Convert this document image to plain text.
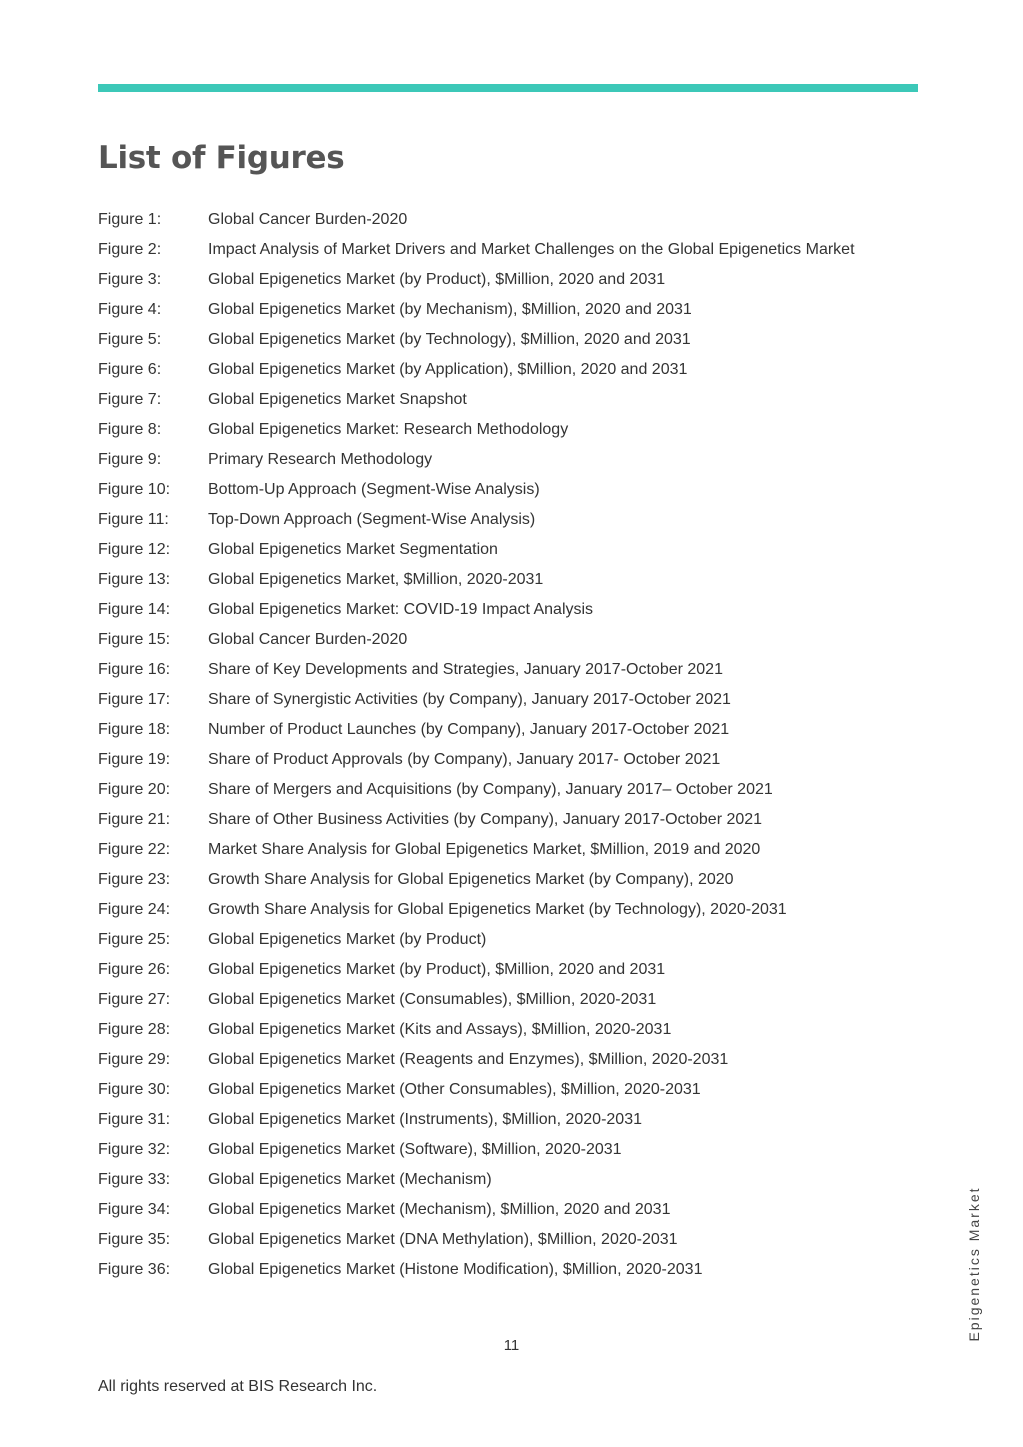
List of Figures
Figure 1:	Global Cancer Burden-2020
Figure 2:	Impact Analysis of Market Drivers and Market Challenges on the Global Epigenetics Market
Figure 3:	Global Epigenetics Market (by Product), $Million, 2020 and 2031
Figure 4:	Global Epigenetics Market (by Mechanism), $Million, 2020 and 2031
Figure 5:	Global Epigenetics Market (by Technology), $Million, 2020 and 2031
Figure 6:	Global Epigenetics Market (by Application), $Million, 2020 and 2031
Figure 7:	Global Epigenetics Market Snapshot
Figure 8:	Global Epigenetics Market: Research Methodology
Figure 9:	Primary Research Methodology
Figure 10:	Bottom-Up Approach (Segment-Wise Analysis)
Figure 11:	Top-Down Approach (Segment-Wise Analysis)
Figure 12:	Global Epigenetics Market Segmentation
Figure 13:	Global Epigenetics Market, $Million, 2020-2031
Figure 14:	Global Epigenetics Market: COVID-19 Impact Analysis
Figure 15:	Global Cancer Burden-2020
Figure 16:	Share of Key Developments and Strategies, January 2017-October 2021
Figure 17:	Share of Synergistic Activities (by Company), January 2017-October 2021
Figure 18:	Number of Product Launches (by Company), January 2017-October 2021
Figure 19:	Share of Product Approvals (by Company), January 2017- October 2021
Figure 20:	Share of Mergers and Acquisitions (by Company), January 2017– October 2021
Figure 21:	Share of Other Business Activities (by Company), January 2017-October 2021
Figure 22:	Market Share Analysis for Global Epigenetics Market, $Million, 2019 and 2020
Figure 23:	Growth Share Analysis for Global Epigenetics Market (by Company), 2020
Figure 24:	Growth Share Analysis for Global Epigenetics Market (by Technology), 2020-2031
Figure 25:	Global Epigenetics Market (by Product)
Figure 26:	Global Epigenetics Market (by Product), $Million, 2020 and 2031
Figure 27:	Global Epigenetics Market (Consumables), $Million, 2020-2031
Figure 28:	Global Epigenetics Market (Kits and Assays), $Million, 2020-2031
Figure 29:	Global Epigenetics Market (Reagents and Enzymes), $Million, 2020-2031
Figure 30:	Global Epigenetics Market (Other Consumables), $Million, 2020-2031
Figure 31:	Global Epigenetics Market (Instruments), $Million, 2020-2031
Figure 32:	Global Epigenetics Market (Software), $Million, 2020-2031
Figure 33:	Global Epigenetics Market (Mechanism)
Figure 34:	Global Epigenetics Market (Mechanism), $Million, 2020 and 2031
Figure 35:	Global Epigenetics Market (DNA Methylation), $Million, 2020-2031
Figure 36:	Global Epigenetics Market (Histone Modification), $Million, 2020-2031
11
Epigenetics Market
All rights reserved at BIS Research Inc.
